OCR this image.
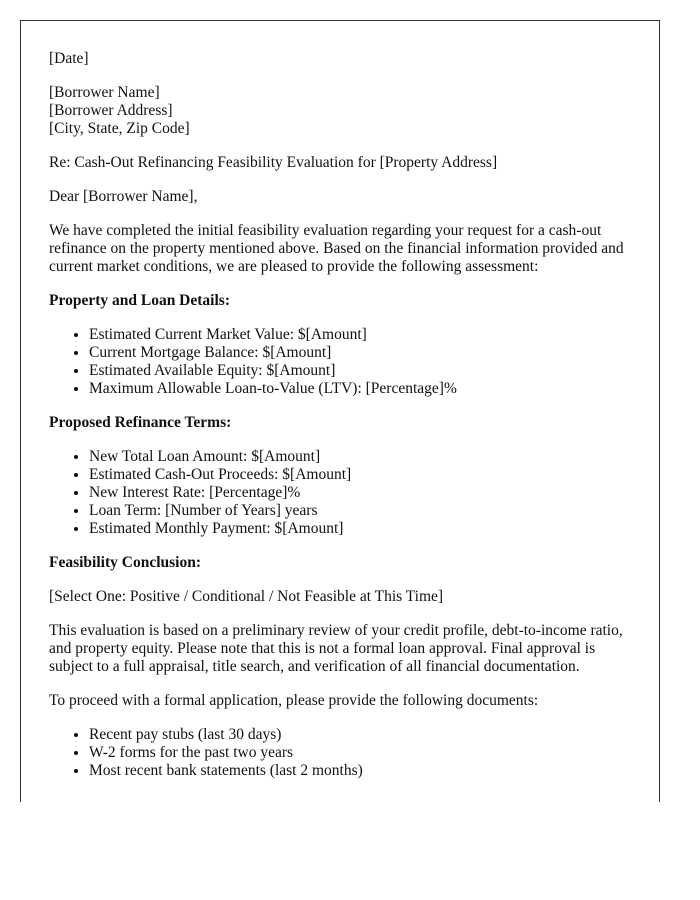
[Date]

[Borrower Name]
[Borrower Address]
[City, State, Zip Code]

Re: Cash-Out Refinancing Feasibility Evaluation for [Property Address]

Dear [Borrower Name],

We have completed the initial feasibility evaluation regarding your request for a cash-out refinance on the property mentioned above. Based on the financial information provided and current market conditions, we are pleased to provide the following assessment:

Property and Loan Details:

• Estimated Current Market Value: $[Amount]
• Current Mortgage Balance: $[Amount]
• Estimated Available Equity: $[Amount]
• Maximum Allowable Loan-to-Value (LTV): [Percentage]%

Proposed Refinance Terms:

• New Total Loan Amount: $[Amount]
• Estimated Cash-Out Proceeds: $[Amount]
• New Interest Rate: [Percentage]%
• Loan Term: [Number of Years] years
• Estimated Monthly Payment: $[Amount]

Feasibility Conclusion:

[Select One: Positive / Conditional / Not Feasible at This Time]

This evaluation is based on a preliminary review of your credit profile, debt-to-income ratio, and property equity. Please note that this is not a formal loan approval. Final approval is subject to a full appraisal, title search, and verification of all financial documentation.

To proceed with a formal application, please provide the following documents:

• Recent pay stubs (last 30 days)
• W-2 forms for the past two years
• Most recent bank statements (last 2 months)
